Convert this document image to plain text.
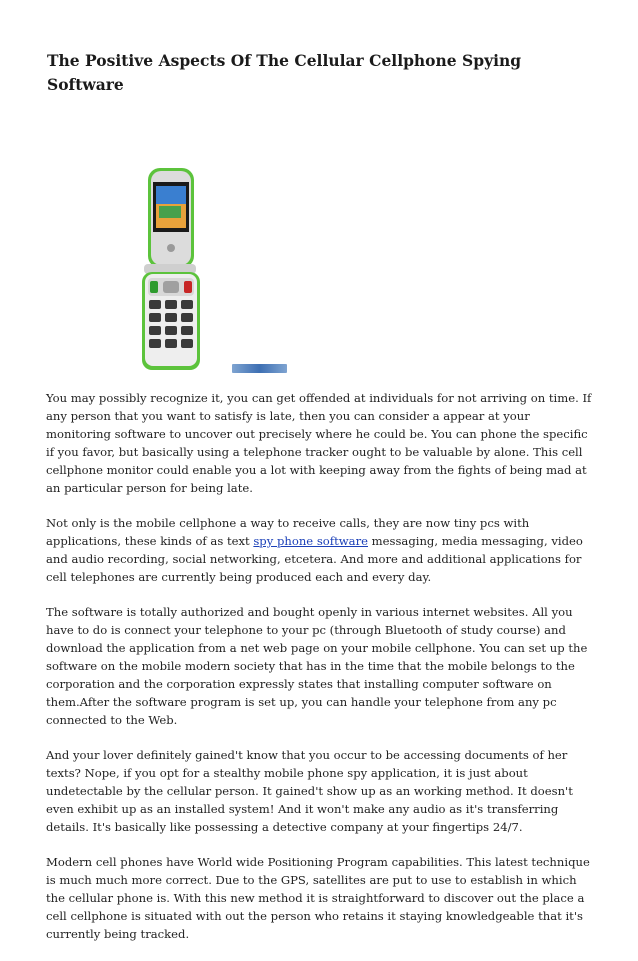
The Positive Aspects Of The Cellular Cellphone Spying Software

You may possibly recognize it, you can get offended at individuals for not arriving on time. If any person that you want to satisfy is late, then you can consider a appear at your monitoring software to uncover out precisely where he could be. You can phone the specific if you favor, but basically using a telephone tracker ought to be valuable by alone. This cell cellphone monitor could enable you a lot with keeping away from the fights of being mad at an particular person for being late.

Not only is the mobile cellphone a way to receive calls, they are now tiny pcs with applications, these kinds of as text spy phone software messaging, media messaging, video and audio recording, social networking, etcetera. And more and additional applications for cell telephones are currently being produced each and every day.

The software is totally authorized and bought openly in various internet websites. All you have to do is connect your telephone to your pc (through Bluetooth of study course) and download the application from a net web page on your mobile cellphone. You can set up the software on the mobile modern society that has in the time that the mobile belongs to the corporation and the corporation expressly states that installing computer software on them.After the software program is set up, you can handle your telephone from any pc connected to the Web.

And your lover definitely gained't know that you occur to be accessing documents of her texts? Nope, if you opt for a stealthy mobile phone spy application, it is just about undetectable by the cellular person. It gained't show up as an working method. It doesn't even exhibit up as an installed system! And it won't make any audio as it's transferring details. It's basically like possessing a detective company at your fingertips 24/7.

Modern cell phones have World wide Positioning Program capabilities. This latest technique is much much more correct. Due to the GPS, satellites are put to use to establish in which the cellular phone is. With this new method it is straightforward to discover out the place a cell cellphone is situated with out the person who retains it staying knowledgeable that it's currently being tracked.
